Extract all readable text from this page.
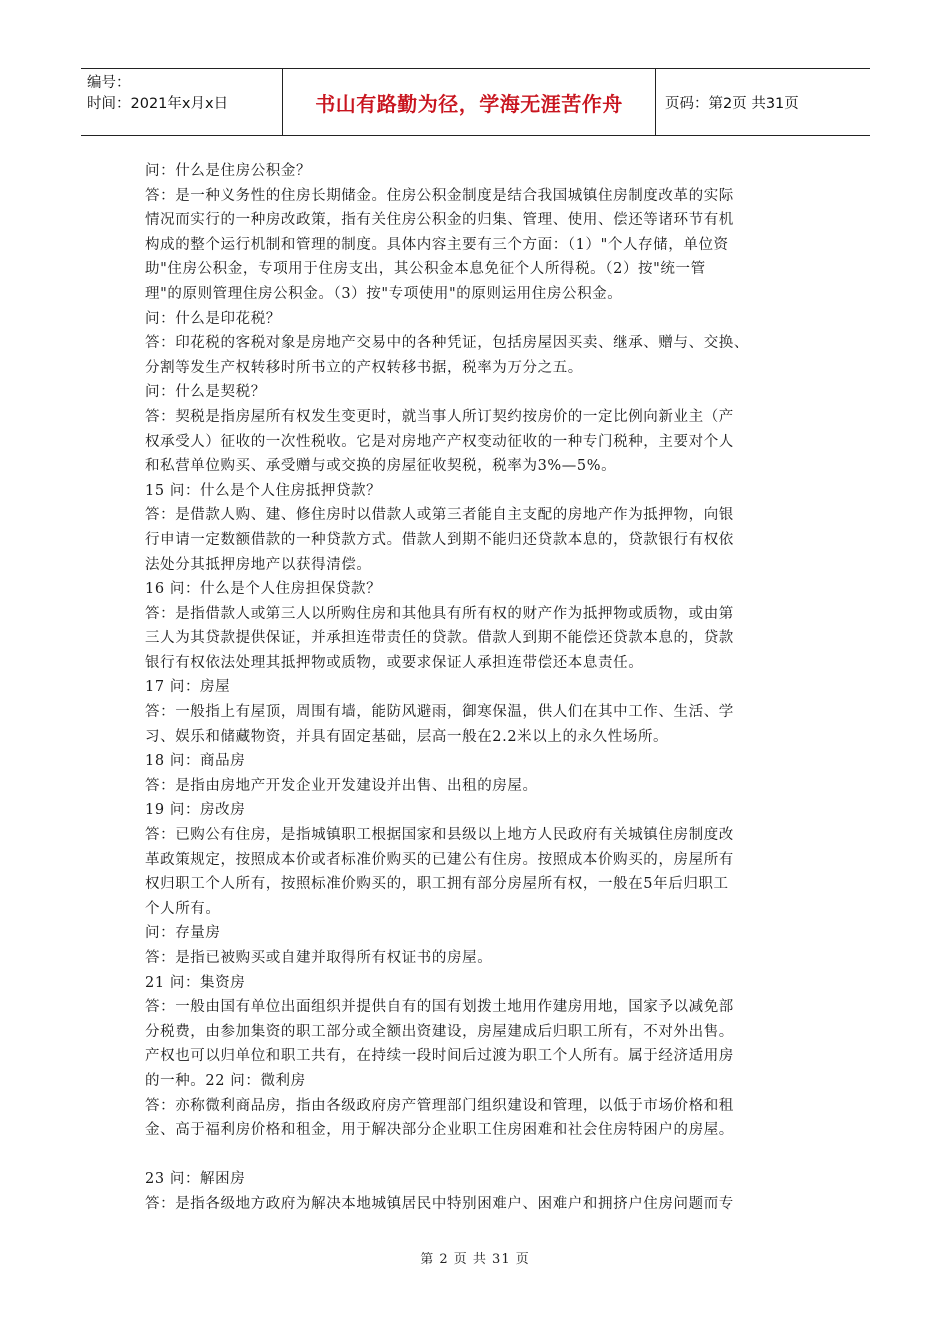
编号：
时间：2021年x月x日	书山有路勤为径，学海无涯苦作舟	页码：第2页 共31页
问：什么是住房公积金？
答：是一种义务性的住房长期储金。住房公积金制度是结合我国城镇住房制度改革的实际
情况而实行的一种房改政策，指有关住房公积金的归集、管理、使用、偿还等诸环节有机
构成的整个运行机制和管理的制度。具体内容主要有三个方面：（1）"个人存储，单位资
助"住房公积金，专项用于住房支出，其公积金本息免征个人所得税。（2）按"统一管
理"的原则管理住房公积金。（3）按"专项使用"的原则运用住房公积金。
问：什么是印花税？
答：印花税的客税对象是房地产交易中的各种凭证，包括房屋因买卖、继承、赠与、交换、
分割等发生产权转移时所书立的产权转移书据，税率为万分之五。
问：什么是契税？
答：契税是指房屋所有权发生变更时，就当事人所订契约按房价的一定比例向新业主（产
权承受人）征收的一次性税收。它是对房地产产权变动征收的一种专门税种，主要对个人
和私营单位购买、承受赠与或交换的房屋征收契税，税率为3%—5%。
15 问：什么是个人住房抵押贷款？
答：是借款人购、建、修住房时以借款人或第三者能自主支配的房地产作为抵押物，向银
行申请一定数额借款的一种贷款方式。借款人到期不能归还贷款本息的，贷款银行有权依
法处分其抵押房地产以获得清偿。
16 问：什么是个人住房担保贷款？
答：是指借款人或第三人以所购住房和其他具有所有权的财产作为抵押物或质物，或由第
三人为其贷款提供保证，并承担连带责任的贷款。借款人到期不能偿还贷款本息的，贷款
银行有权依法处理其抵押物或质物，或要求保证人承担连带偿还本息责任。
17 问：房屋
答：一般指上有屋顶，周围有墙，能防风避雨，御寒保温，供人们在其中工作、生活、学
习、娱乐和储藏物资，并具有固定基础，层高一般在2.2米以上的永久性场所。
18 问：商品房
答：是指由房地产开发企业开发建设并出售、出租的房屋。
19 问：房改房
答：已购公有住房，是指城镇职工根据国家和县级以上地方人民政府有关城镇住房制度改
革政策规定，按照成本价或者标准价购买的已建公有住房。按照成本价购买的，房屋所有
权归职工个人所有，按照标准价购买的，职工拥有部分房屋所有权，一般在5年后归职工
个人所有。
问：存量房
答：是指已被购买或自建并取得所有权证书的房屋。
21 问：集资房
答：一般由国有单位出面组织并提供自有的国有划拨土地用作建房用地，国家予以减免部
分税费，由参加集资的职工部分或全额出资建设，房屋建成后归职工所有，不对外出售。
产权也可以归单位和职工共有，在持续一段时间后过渡为职工个人所有。属于经济适用房
的一种。22 问：微利房
答：亦称微利商品房，指由各级政府房产管理部门组织建设和管理，以低于市场价格和租
金、高于福利房价格和租金，用于解决部分企业职工住房困难和社会住房特困户的房屋。
23 问：解困房
答：是指各级地方政府为解决本地城镇居民中特别困难户、困难户和拥挤户住房问题而专
第 2 页 共 31 页
